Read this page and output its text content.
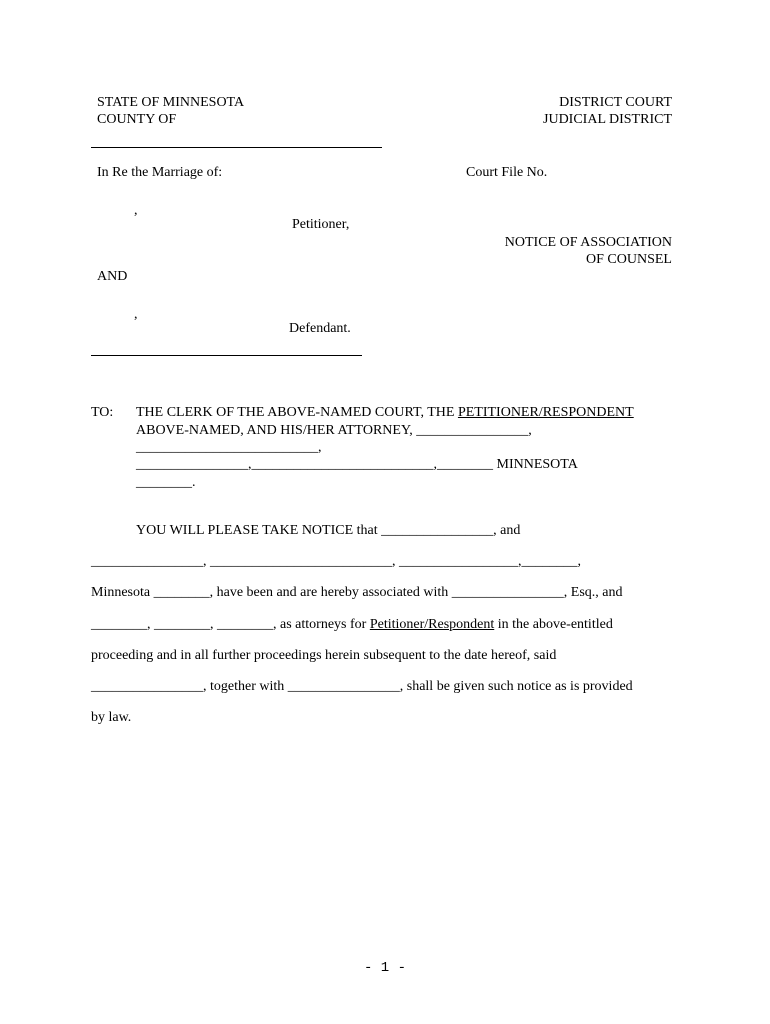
STATE OF MINNESOTA
COUNTY OF
DISTRICT COURT
JUDICIAL DISTRICT
In Re the Marriage of:	Court File No.
,
Petitioner,
NOTICE OF ASSOCIATION
OF COUNSEL
AND
,
Defendant.
TO: THE CLERK OF THE ABOVE-NAMED COURT, THE PETITIONER/RESPONDENT
ABOVE-NAMED, AND HIS/HER ATTORNEY, ________________,
__________________________,
________________,__________________________,________ MINNESOTA
________.
YOU WILL PLEASE TAKE NOTICE that ________________, and
________________, __________________________, _________________,________,
Minnesota ________, have been and are hereby associated with ________________, Esq., and
________, ________, ________, as attorneys for Petitioner/Respondent in the above-entitled
proceeding and in all further proceedings herein subsequent to the date hereof, said
________________, together with ________________, shall be given such notice as is provided
by law.
- 1 -
